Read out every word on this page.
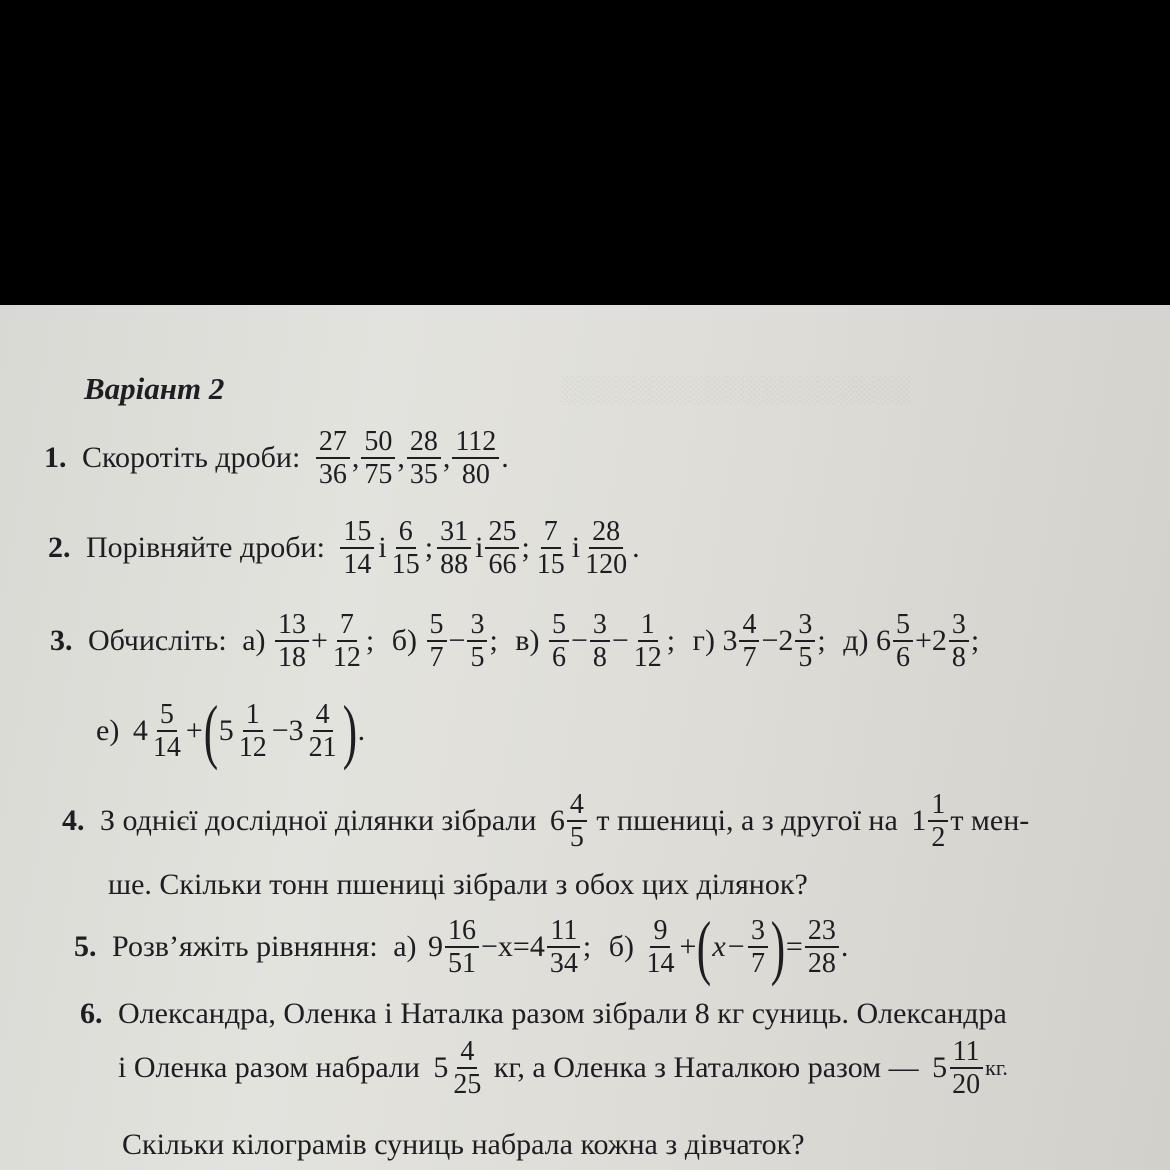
░░░░░░░░░░░░░░░░░░░
Варіант 2
1. Скоротіть дроби: $\frac{27}{36}$ , $\frac{50}{75}$ , $\frac{28}{35}$ , $\frac{112}{80}$ .
2. Порівняйте дроби: $\frac{15}{14}$ і $\frac{6}{15}$ ; $\frac{31}{88}$ і $\frac{25}{66}$ ; $\frac{7}{15}$ і $\frac{28}{120}$ .
3. Обчисліть: $а) \frac{13}{18} + \frac{7}{12}$ ; $б) \frac{5}{7} - \frac{3}{5}$ ; $в) \frac{5}{6} - \frac{3}{8} - \frac{1}{12}$ ; г) $3 \frac{4}{7} -2 \frac{3}{5}$ ; д) $6 \frac{5}{6} +2 \frac{3}{8}$ ;
е) $4 \frac{5}{14} +(5 \frac{1}{12} -3 \frac{4}{21}$ ).
4. З однієї дослідної ділянки зібрали $6 \frac{4}{5}$ т пшениці, а з другої на $1 \frac{1}{2}$ т мен-
ше. Скільки тонн пшениці зібрали з обох цих ділянок?
5. Розв’яжіть рівняння: а) $9 \frac{16}{51} -x=4 \frac{11}{34}$ ; $б) \frac{9}{14} +(x- \frac{3}{7}$ )= $\frac{23}{28}$ .
6. Олександра, Оленка і Наталка разом зібрали 8 кг суниць. Олександра
і Оленка разом набрали $5 \frac{4}{25}$ кг, а Оленка з Наталкою разом — $5 \frac{11}{20}$ кг.
Скільки кілограмів суниць набрала кожна з дівчаток?
